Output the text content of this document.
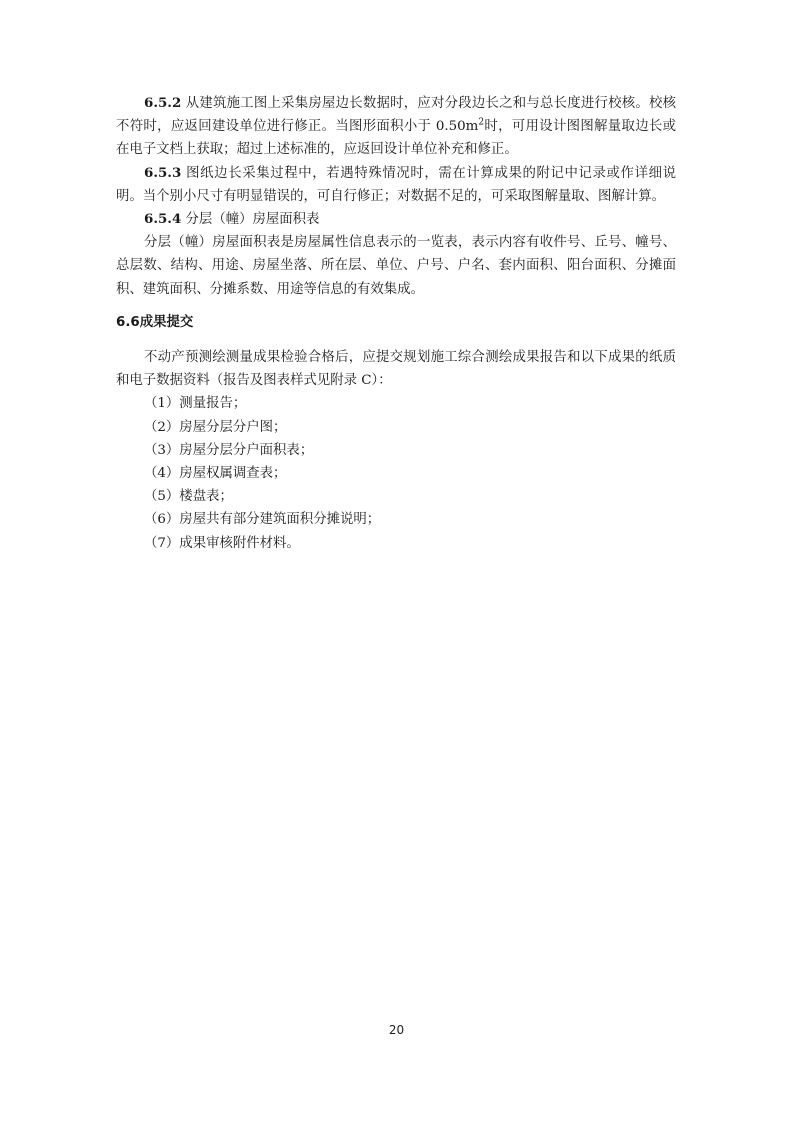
6.5.2 从建筑施工图上采集房屋边长数据时，应对分段边长之和与总长度进行校核。校核不符时，应返回建设单位进行修正。当图形面积小于 $0.50m^2$时，可用设计图图解量取边长或在电子文档上获取；超过上述标准的，应返回设计单位补充和修正。

6.5.3 图纸边长采集过程中，若遇特殊情况时，需在计算成果的附记中记录或作详细说明。当个别小尺寸有明显错误的，可自行修正；对数据不足的，可采取图解量取、图解计算。

6.5.4 分层（幢）房屋面积表

分层（幢）房屋面积表是房屋属性信息表示的一览表，表示内容有收件号、丘号、幢号、总层数、结构、用途、房屋坐落、所在层、单位、户号、户名、套内面积、阳台面积、分摊面积、建筑面积、分摊系数、用途等信息的有效集成。

6.6成果提交

不动产预测绘测量成果检验合格后，应提交规划施工综合测绘成果报告和以下成果的纸质和电子数据资料（报告及图表样式见附录 C）：

（1）测量报告；

（2）房屋分层分户图；

（3）房屋分层分户面积表；

（4）房屋权属调查表；

（5）楼盘表；

（6）房屋共有部分建筑面积分摊说明；

（7）成果审核附件材料。

20
